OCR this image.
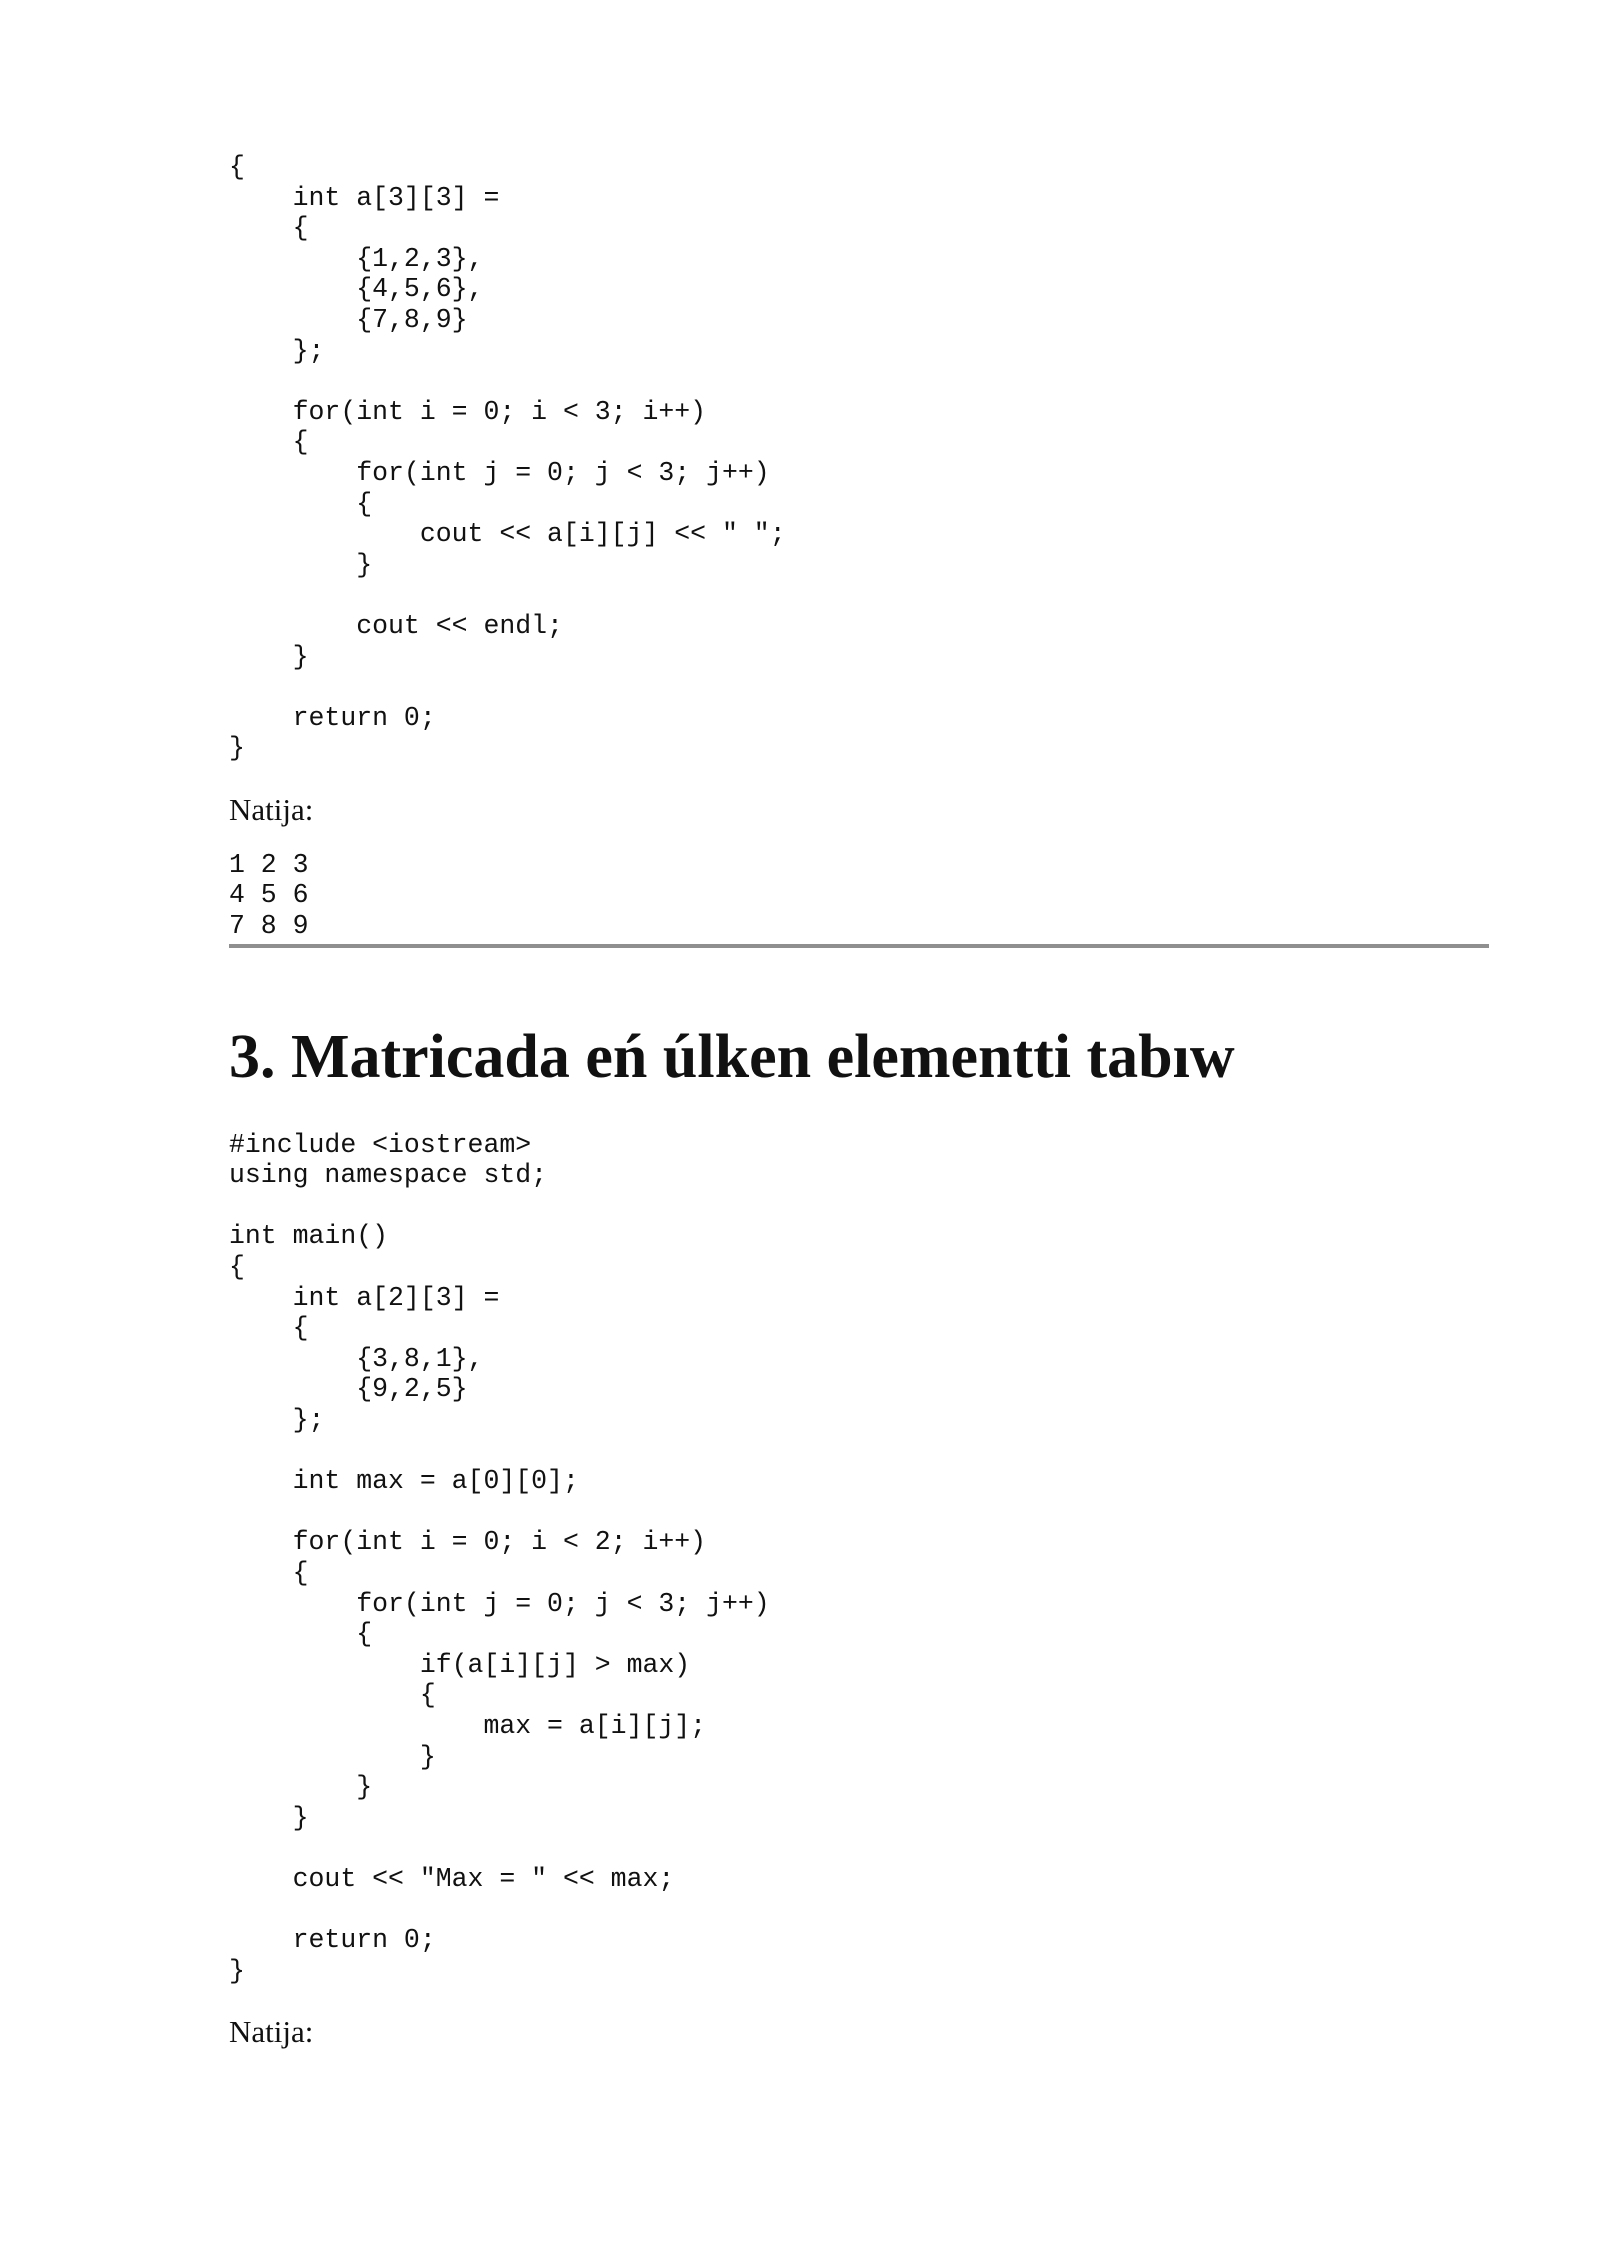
{
int a[3][3] =
{
{1,2,3},
{4,5,6},
{7,8,9}
};

for(int i = 0; i < 3; i++)
{
for(int j = 0; j < 3; j++)
{
cout << a[i][j] << " ";
}

cout << endl;
}

return 0;
}

Natija:

1 2 3
4 5 6
7 8 9
3. Matricada eń úlken elementti tabıw
#include <iostream>
using namespace std;

int main()
{
int a[2][3] =
{
{3,8,1},
{9,2,5}
};

int max = a[0][0];

for(int i = 0; i < 2; i++)
{
for(int j = 0; j < 3; j++)
{
if(a[i][j] > max)
{
max = a[i][j];
}
}
}

cout << "Max = " << max;

return 0;
}

Natija:
